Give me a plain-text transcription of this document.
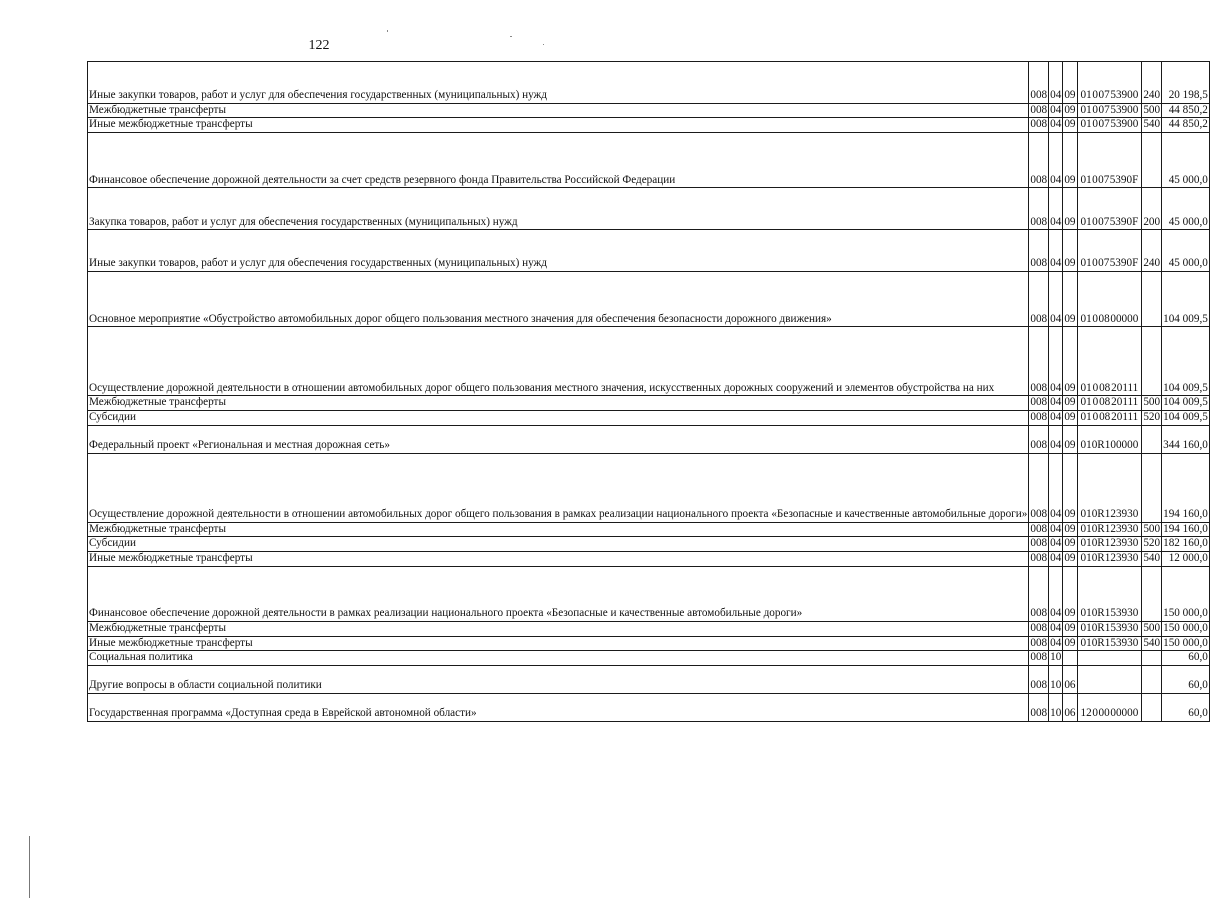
122
Иные закупки товаров, работ и услуг для обеспечения государственных (муниципальных) нужд	008	04	09	01 0 07 53900	240	20 198,5
Межбюджетные трансферты	008	04	09	01 0 07 53900	500	44 850,2
Иные межбюджетные трансферты	008	04	09	01 0 07 53900	540	44 850,2
Финансовое обеспечение дорожной деятельности за счет средств резервного фонда Правительства Российской Федерации	008	04	09	01 0 07 5390F		45 000,0
Закупка товаров, работ и услуг для обеспечения государственных (муниципальных) нужд	008	04	09	01 0 07 5390F	200	45 000,0
Иные закупки товаров, работ и услуг для обеспечения государственных (муниципальных) нужд	008	04	09	01 0 07 5390F	240	45 000,0
Основное мероприятие «Обустройство автомобильных дорог общего пользования местного значения для обеспечения безопасности дорожного движения»	008	04	09	01 0 08 00000		104 009,5
Осуществление дорожной деятельности в отношении автомобильных дорог общего пользования местного значения, искусственных дорожных сооружений и элементов обустройства на них	008	04	09	01 0 08 20111		104 009,5
Межбюджетные трансферты	008	04	09	01 0 08 20111	500	104 009,5
Субсидии	008	04	09	01 0 08 20111	520	104 009,5
Федеральный проект «Региональная и местная дорожная сеть»	008	04	09	01 0 R1 00000		344 160,0
Осуществление дорожной деятельности в отношении автомобильных дорог общего пользования в рамках реализации национального проекта «Безопасные и качественные автомобильные дороги»	008	04	09	01 0 R1 23930		194 160,0
Межбюджетные трансферты	008	04	09	01 0 R1 23930	500	194 160,0
Субсидии	008	04	09	01 0 R1 23930	520	182 160,0
Иные межбюджетные трансферты	008	04	09	01 0 R1 23930	540	12 000,0
Финансовое обеспечение дорожной деятельности в рамках реализации национального проекта «Безопасные и качественные автомобильные дороги»	008	04	09	01 0 R1 53930		150 000,0
Межбюджетные трансферты	008	04	09	01 0 R1 53930	500	150 000,0
Иные межбюджетные трансферты	008	04	09	01 0 R1 53930	540	150 000,0
Социальная политика	008	10				60,0
Другие вопросы в области социальной политики	008	10	06			60,0
Государственная программа «Доступная среда в Еврейской автономной области»	008	10	06	12 0 00 00000		60,0
